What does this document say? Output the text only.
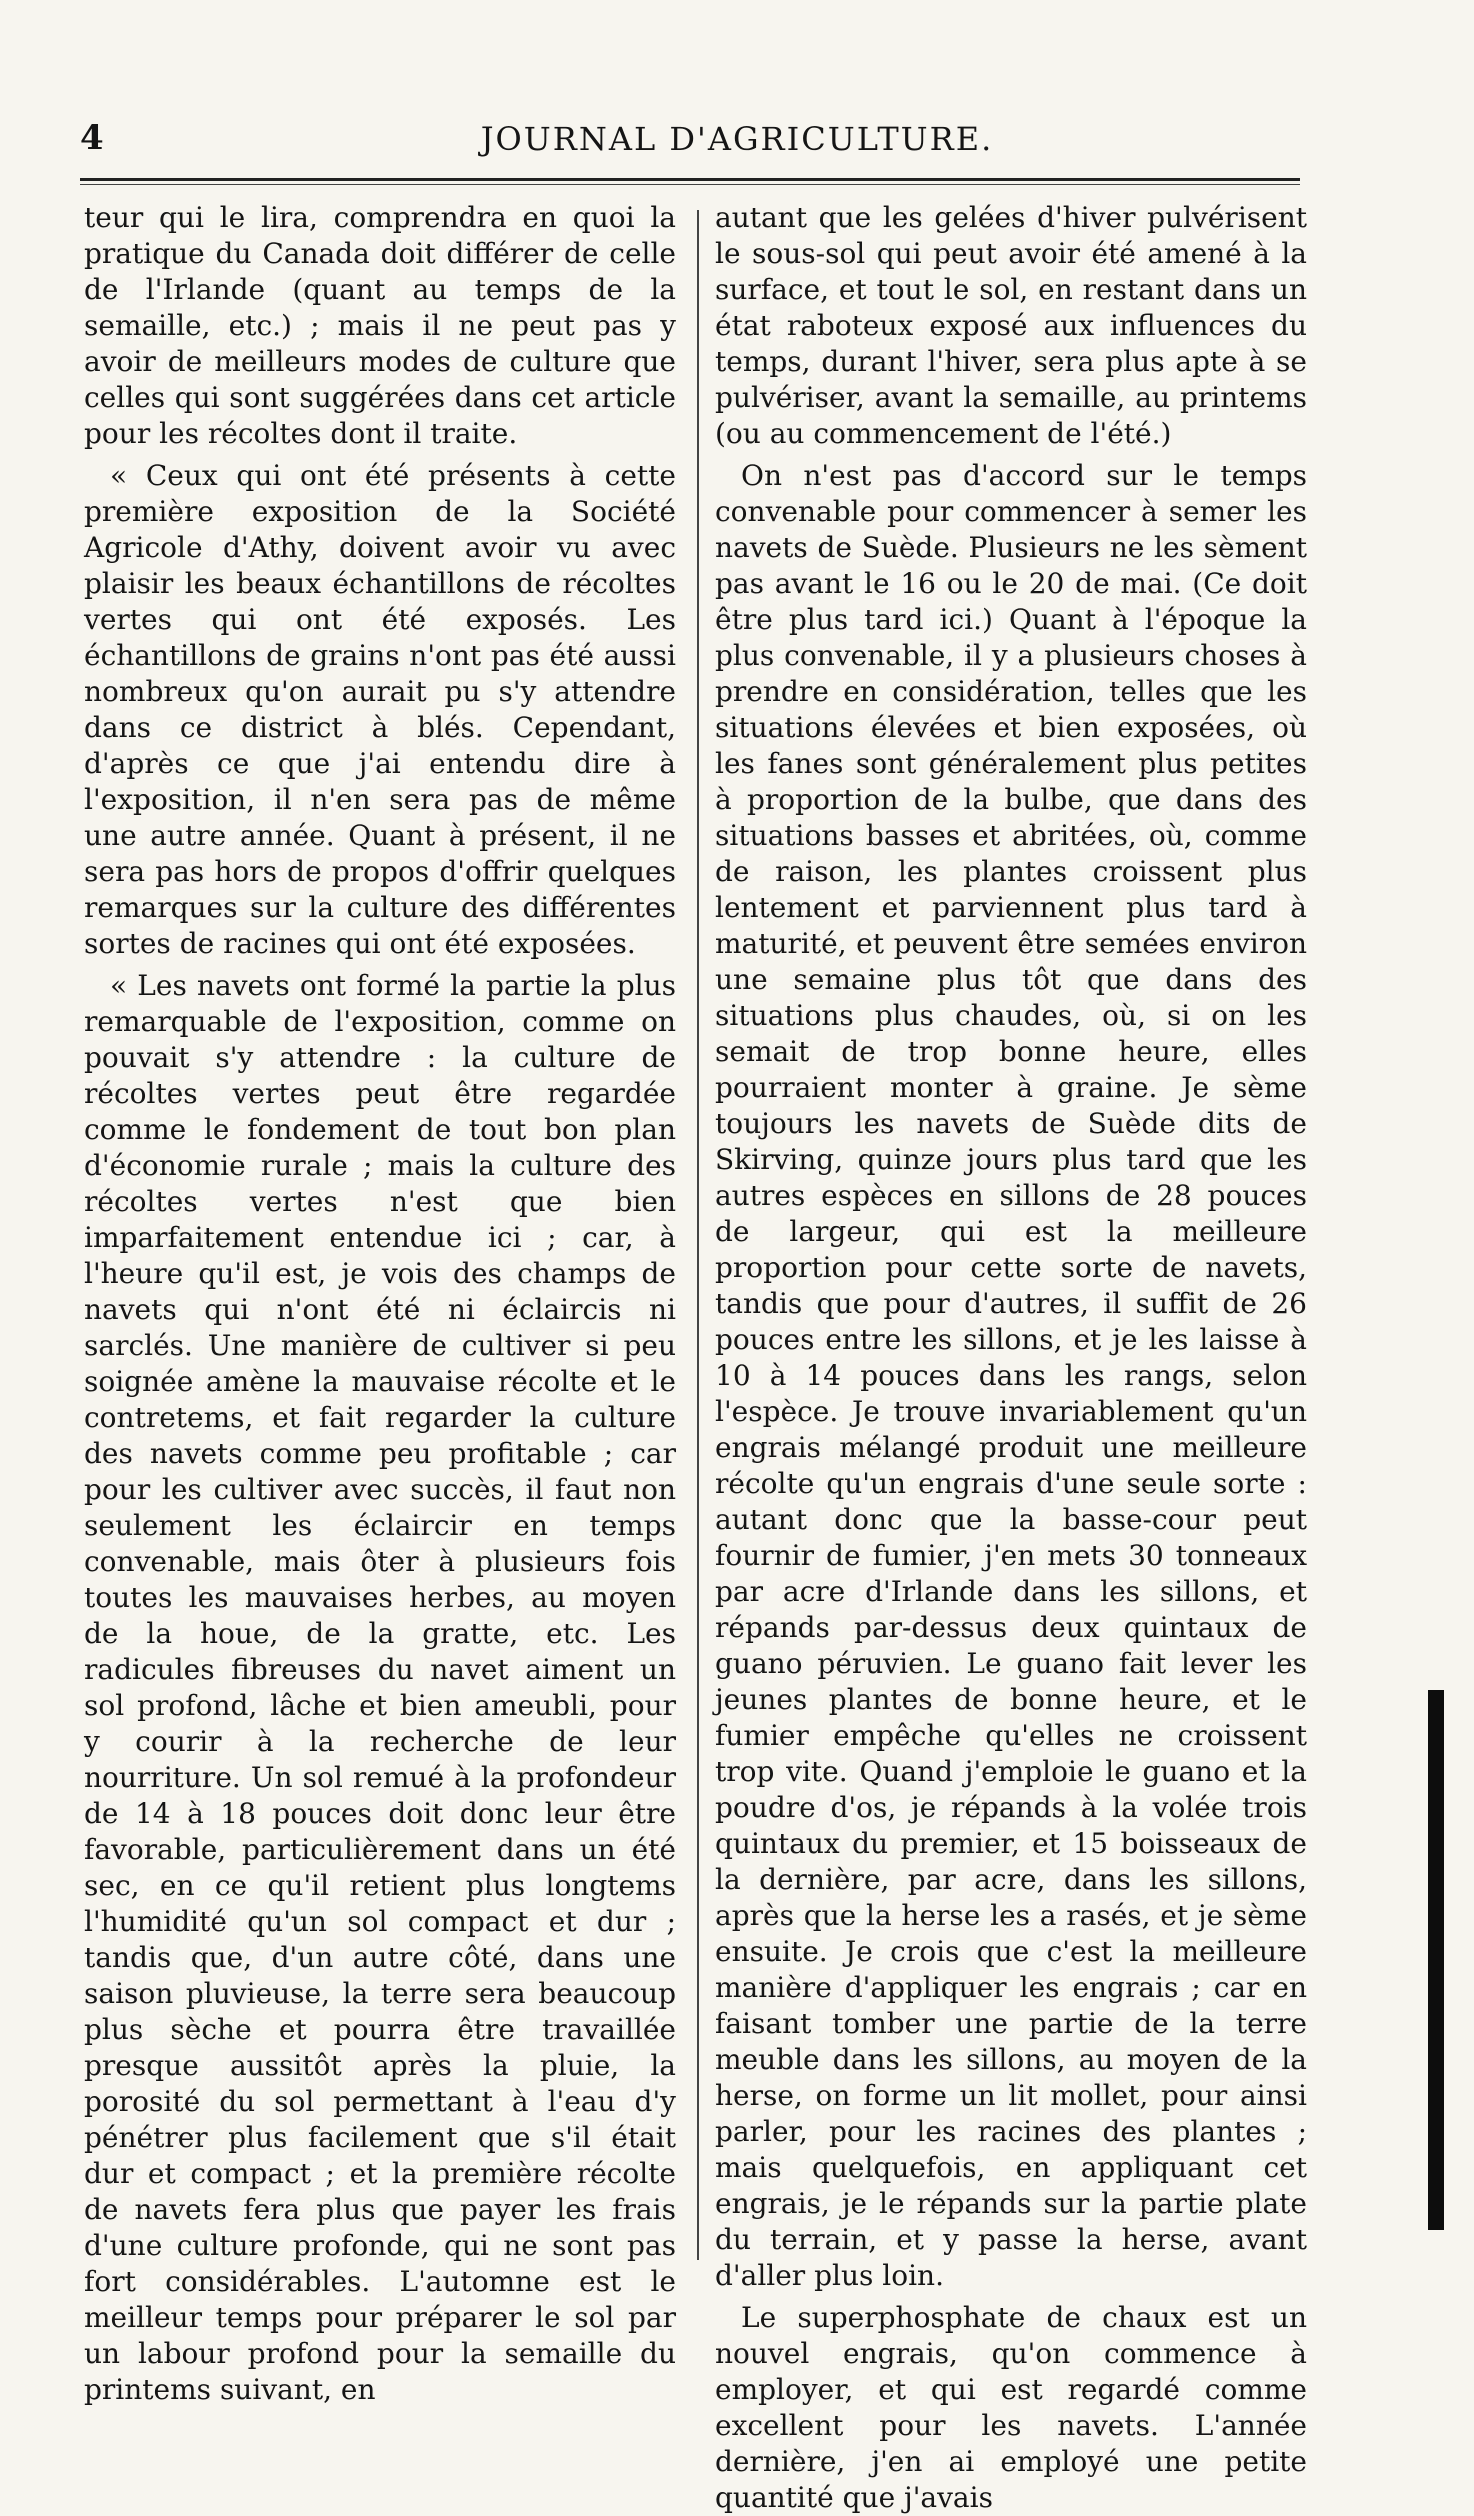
4	JOURNAL D'AGRICULTURE.

teur qui le lira, comprendra en quoi la pratique du Canada doit différer de celle de l'Irlande (quant au temps de la semaille, etc.) ; mais il ne peut pas y avoir de meilleurs modes de culture que celles qui sont suggérées dans cet article pour les récoltes dont il traite.

« Ceux qui ont été présents à cette première exposition de la Société Agricole d'Athy, doivent avoir vu avec plaisir les beaux échantillons de récoltes vertes qui ont été exposés. Les échantillons de grains n'ont pas été aussi nombreux qu'on aurait pu s'y attendre dans ce district à blés. Cependant, d'après ce que j'ai entendu dire à l'exposition, il n'en sera pas de même une autre année. Quant à présent, il ne sera pas hors de propos d'offrir quelques remarques sur la culture des différentes sortes de racines qui ont été exposées.

« Les navets ont formé la partie la plus remarquable de l'exposition, comme on pouvait s'y attendre : la culture de récoltes vertes peut être regardée comme le fondement de tout bon plan d'économie rurale ; mais la culture des récoltes vertes n'est que bien imparfaitement entendue ici ; car, à l'heure qu'il est, je vois des champs de navets qui n'ont été ni éclaircis ni sarclés. Une manière de cultiver si peu soignée amène la mauvaise récolte et le contretems, et fait regarder la culture des navets comme peu profitable ; car pour les cultiver avec succès, il faut non seulement les éclaircir en temps convenable, mais ôter à plusieurs fois toutes les mauvaises herbes, au moyen de la houe, de la gratte, etc. Les radicules fibreuses du navet aiment un sol profond, lâche et bien ameubli, pour y courir à la recherche de leur nourriture. Un sol remué à la profondeur de 14 à 18 pouces doit donc leur être favorable, particulièrement dans un été sec, en ce qu'il retient plus longtems l'humidité qu'un sol compact et dur ; tandis que, d'un autre côté, dans une saison pluvieuse, la terre sera beaucoup plus sèche et pourra être travaillée presque aussitôt après la pluie, la porosité du sol permettant à l'eau d'y pénétrer plus facilement que s'il était dur et compact ; et la première récolte de navets fera plus que payer les frais d'une culture profonde, qui ne sont pas fort considérables. L'automne est le meilleur temps pour préparer le sol par un labour profond pour la semaille du printems suivant, en

autant que les gelées d'hiver pulvérisent le sous-sol qui peut avoir été amené à la surface, et tout le sol, en restant dans un état raboteux exposé aux influences du temps, durant l'hiver, sera plus apte à se pulvériser, avant la semaille, au printems (ou au commencement de l'été.)

On n'est pas d'accord sur le temps convenable pour commencer à semer les navets de Suède. Plusieurs ne les sèment pas avant le 16 ou le 20 de mai. (Ce doit être plus tard ici.) Quant à l'époque la plus convenable, il y a plusieurs choses à prendre en considération, telles que les situations élevées et bien exposées, où les fanes sont généralement plus petites à proportion de la bulbe, que dans des situations basses et abritées, où, comme de raison, les plantes croissent plus lentement et parviennent plus tard à maturité, et peuvent être semées environ une semaine plus tôt que dans des situations plus chaudes, où, si on les semait de trop bonne heure, elles pourraient monter à graine. Je sème toujours les navets de Suède dits de Skirving, quinze jours plus tard que les autres espèces en sillons de 28 pouces de largeur, qui est la meilleure proportion pour cette sorte de navets, tandis que pour d'autres, il suffit de 26 pouces entre les sillons, et je les laisse à 10 à 14 pouces dans les rangs, selon l'espèce. Je trouve invariablement qu'un engrais mélangé produit une meilleure récolte qu'un engrais d'une seule sorte : autant donc que la basse-cour peut fournir de fumier, j'en mets 30 tonneaux par acre d'Irlande dans les sillons, et répands par-dessus deux quintaux de guano péruvien. Le guano fait lever les jeunes plantes de bonne heure, et le fumier empêche qu'elles ne croissent trop vite. Quand j'emploie le guano et la poudre d'os, je répands à la volée trois quintaux du premier, et 15 boisseaux de la dernière, par acre, dans les sillons, après que la herse les a rasés, et je sème ensuite. Je crois que c'est la meilleure manière d'appliquer les engrais ; car en faisant tomber une partie de la terre meuble dans les sillons, au moyen de la herse, on forme un lit mollet, pour ainsi parler, pour les racines des plantes ; mais quelquefois, en appliquant cet engrais, je le répands sur la partie plate du terrain, et y passe la herse, avant d'aller plus loin.

Le superphosphate de chaux est un nouvel engrais, qu'on commence à employer, et qui est regardé comme excellent pour les navets. L'année dernière, j'en ai employé une petite quantité que j'avais
